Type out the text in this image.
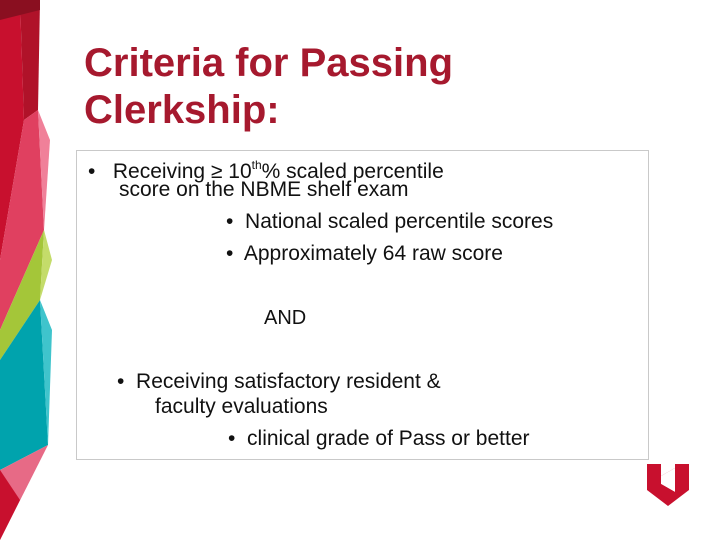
Criteria for Passing
Clerkship:
• Receiving ≥ 10th% scaled percentile
score on the NBME shelf exam
• National scaled percentile scores
• Approximately 64 raw score
AND
• Receiving satisfactory resident &
faculty evaluations
• clinical grade of Pass or better
